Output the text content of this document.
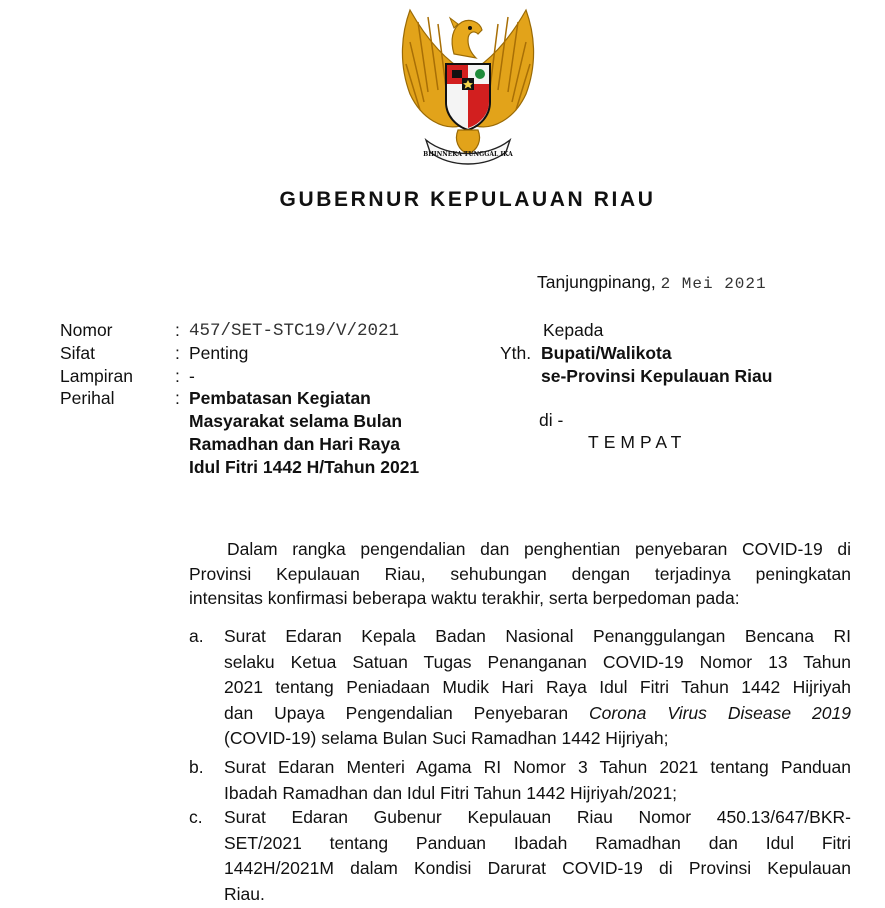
BHINNEKA TUNGGAL IKA
GUBERNUR KEPULAUAN RIAU
Tanjungpinang, 2 Mei 2021
Nomor	: 457/SET-STC19/V/2021
Sifat	: Penting
Lampiran : -
Perihal	: Pembatasan Kegiatan
Masyarakat selama Bulan
Ramadhan dan Hari Raya
Idul Fitri 1442 H/Tahun 2021
Kepada
Yth. Bupati/Walikota
se-Provinsi Kepulauan Riau
di -
TEMPAT
Dalam rangka pengendalian dan penghentian penyebaran COVID-19 di
Provinsi Kepulauan Riau, sehubungan dengan terjadinya peningkatan
intensitas konfirmasi beberapa waktu terakhir, serta berpedoman pada:
a. Surat Edaran Kepala Badan Nasional Penanggulangan Bencana RI
selaku Ketua Satuan Tugas Penanganan COVID-19 Nomor 13 Tahun
2021 tentang Peniadaan Mudik Hari Raya Idul Fitri Tahun 1442 Hijriyah
dan Upaya Pengendalian Penyebaran Corona Virus Disease 2019
(COVID-19) selama Bulan Suci Ramadhan 1442 Hijriyah;
b. Surat Edaran Menteri Agama RI Nomor 3 Tahun 2021 tentang Panduan
Ibadah Ramadhan dan Idul Fitri Tahun 1442 Hijriyah/2021;
c. Surat Edaran Gubenur Kepulauan Riau Nomor 450.13/647/BKR-
SET/2021 tentang Panduan Ibadah Ramadhan dan Idul Fitri
1442H/2021M dalam Kondisi Darurat COVID-19 di Provinsi Kepulauan
Riau.
